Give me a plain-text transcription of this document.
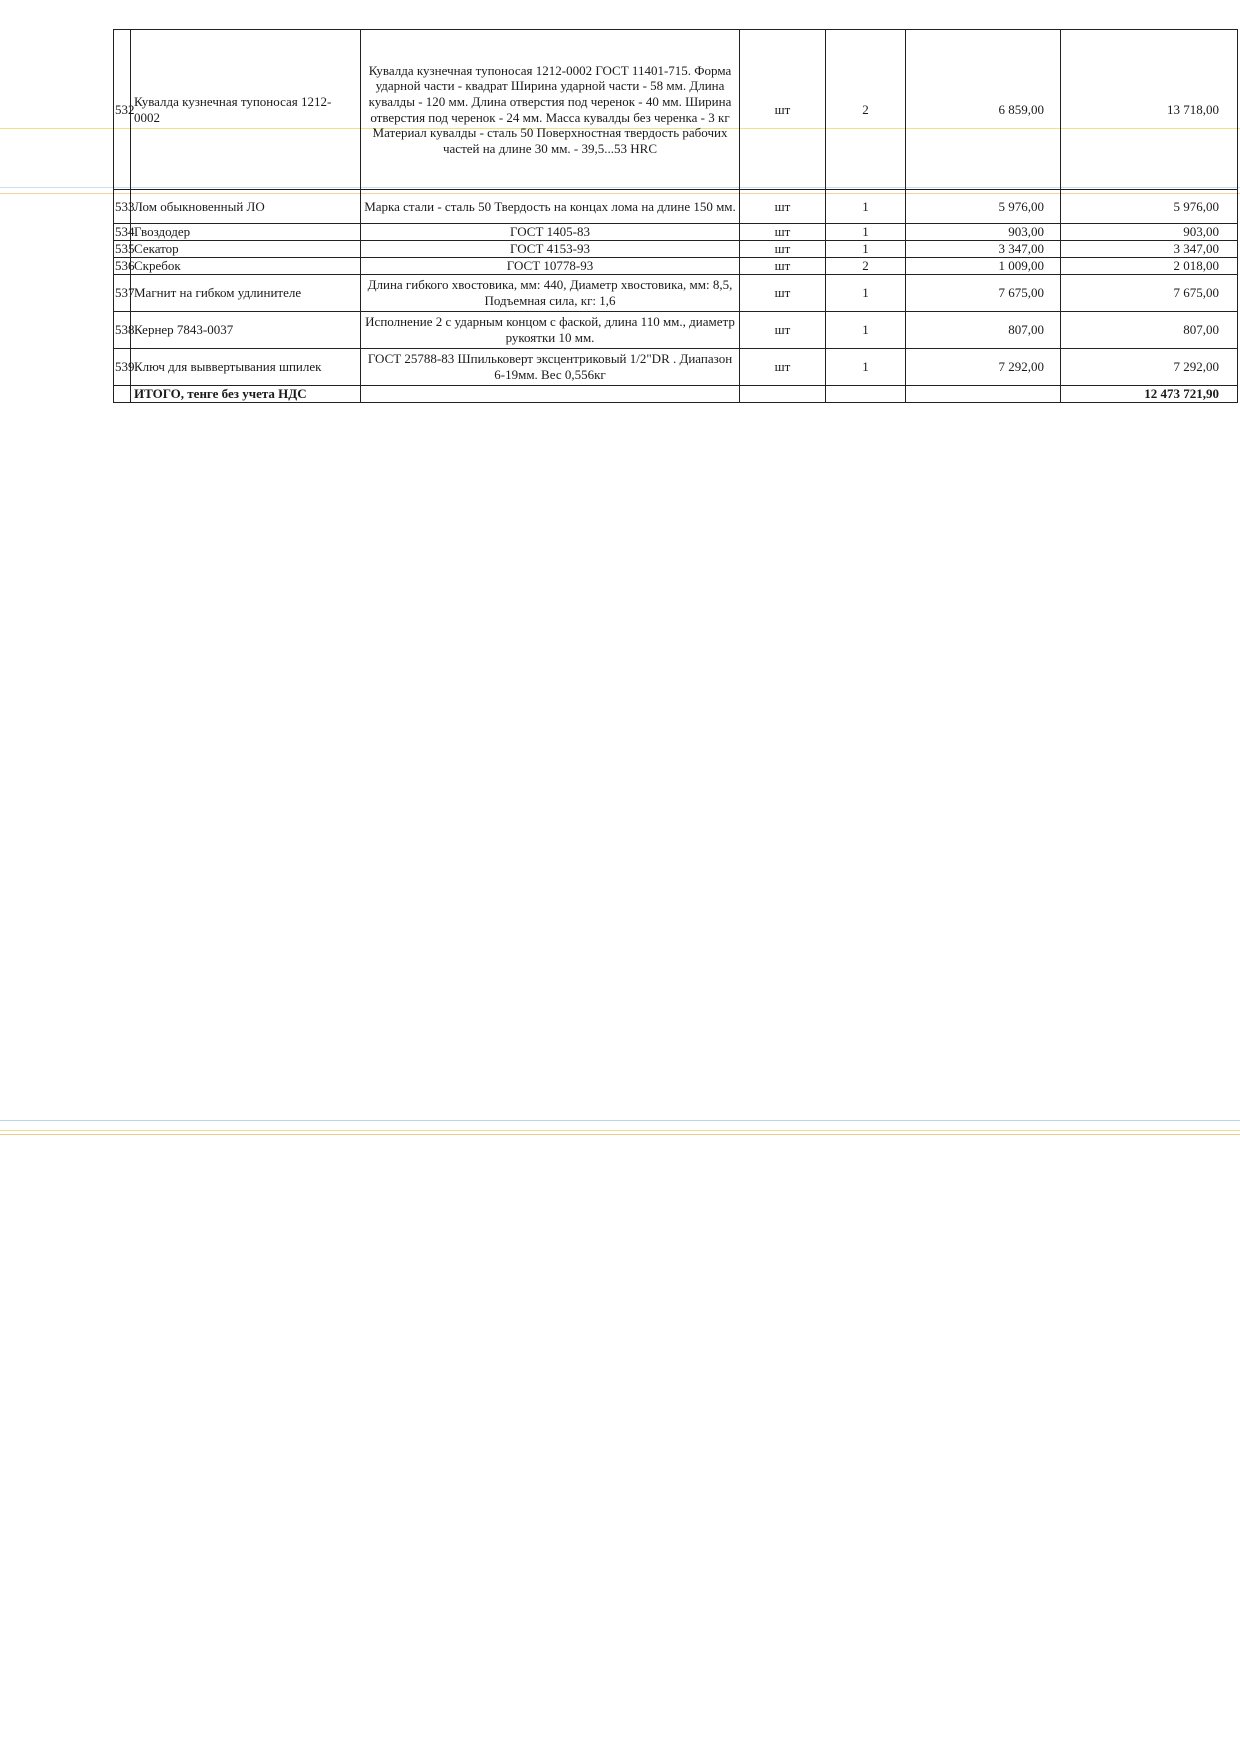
532	Кувалда кузнечная тупоносая 1212-0002	Кувалда кузнечная тупоносая 1212-0002 ГОСТ 11401-715. Форма ударной части - квадрат Ширина ударной части - 58 мм. Длина кувалды - 120 мм. Длина отверстия под черенок - 40 мм. Ширина отверстия под черенок - 24 мм. Масса кувалды без черенка - 3 кг Материал кувалды - сталь 50 Поверхностная твердость рабочих частей на длине 30 мм. - 39,5...53 HRC	шт	2	6 859,00	13 718,00
533	Лом обыкновенный ЛО	Марка стали - сталь 50 Твердость на концах лома на длине 150 мм.	шт	1	5 976,00	5 976,00
534	Гвоздодер	ГОСТ 1405-83	шт	1	903,00	903,00
535	Секатор	ГОСТ 4153-93	шт	1	3 347,00	3 347,00
536	Скребок	ГОСТ 10778-93	шт	2	1 009,00	2 018,00
537	Магнит на гибком удлинителе	Длина гибкого хвостовика, мм: 440, Диаметр хвостовика, мм: 8,5, Подъемная сила, кг: 1,6	шт	1	7 675,00	7 675,00
538	Кернер 7843-0037	Исполнение 2 с ударным концом с фаской, длина 110 мм., диаметр рукоятки 10 мм.	шт	1	807,00	807,00
539	Ключ для выввертывания шпилек	ГОСТ 25788-83 Шпильковерт эксцентриковый 1/2"DR . Диапазон 6-19мм. Вес 0,556кг	шт	1	7 292,00	7 292,00
	ИТОГО, тенге без учета НДС					12 473 721,90
